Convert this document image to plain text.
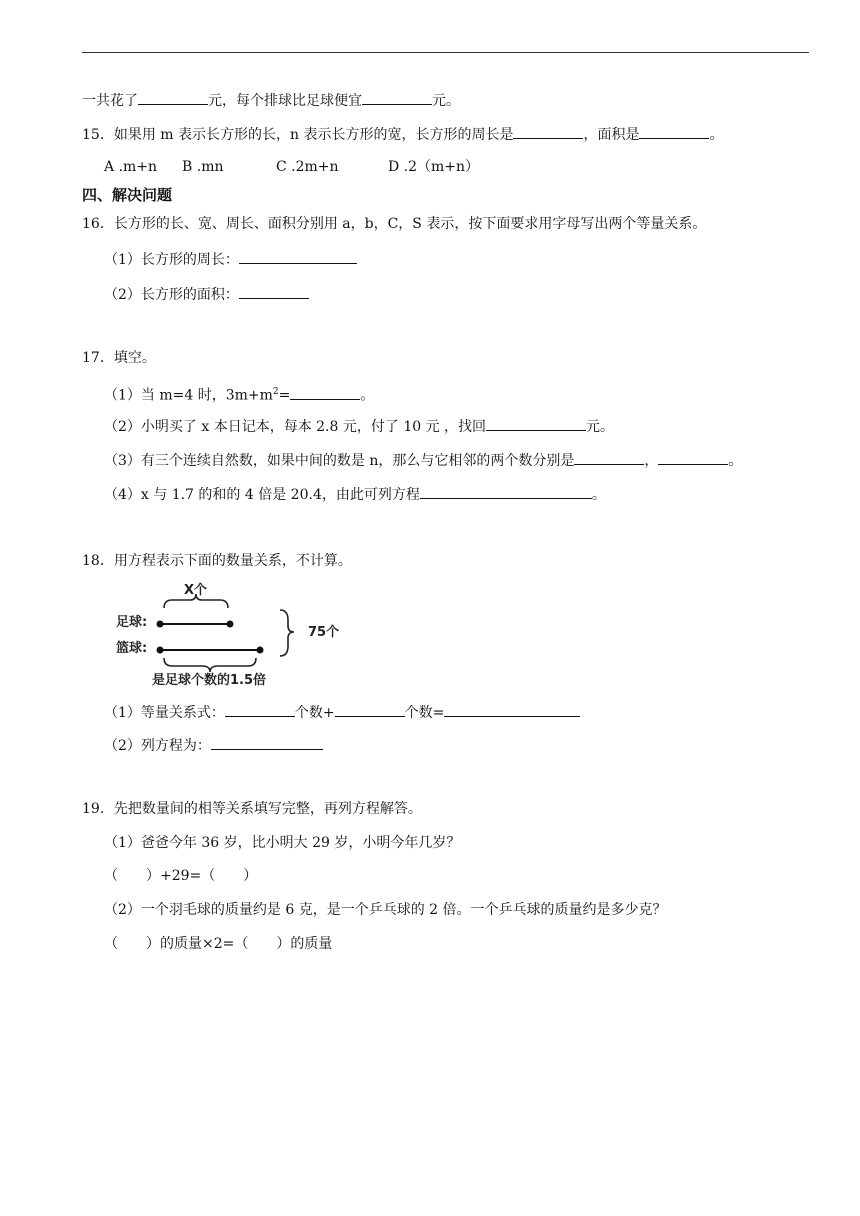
一共花了	元，每个排球比足球便宜	元。
15．如果用 m 表示长方形的长，n 表示长方形的宽，长方形的周长是	，面积是	。
A .m+n B .mn	C .2m+n	D .2（m+n）
四、解决问题
16．长方形的长、宽、周长、面积分别用 a，b，C，S 表示，按下面要求用字母写出两个等量关系。
（1）长方形的周长：
（2）长方形的面积：
17．填空。
（1）当 m=4 时，$3m+m^2=$	。
（2）小明买了 x 本日记本，每本 2.8 元，付了 10 元 ，找回	元。
（3）有三个连续自然数，如果中间的数是 n，那么与它相邻的两个数分别是	，	。
（4）x 与 1.7 的和的 4 倍是 20.4，由此可列方程	。
18．用方程表示下面的数量关系，不计算。
X个
足球:
篮球:
是足球个数的1.5倍
75个
（1）等量关系式：	个数+	个数=
（2）列方程为：
19．先把数量间的相等关系填写完整，再列方程解答。
（1）爸爸今年 36 岁，比小明大 29 岁，小明今年几岁？
（　　）+29=（　　）
（2）一个羽毛球的质量约是 6 克，是一个乒乓球的 2 倍。一个乒乓球的质量约是多少克？
（　　）的质量×2=（　　）的质量
